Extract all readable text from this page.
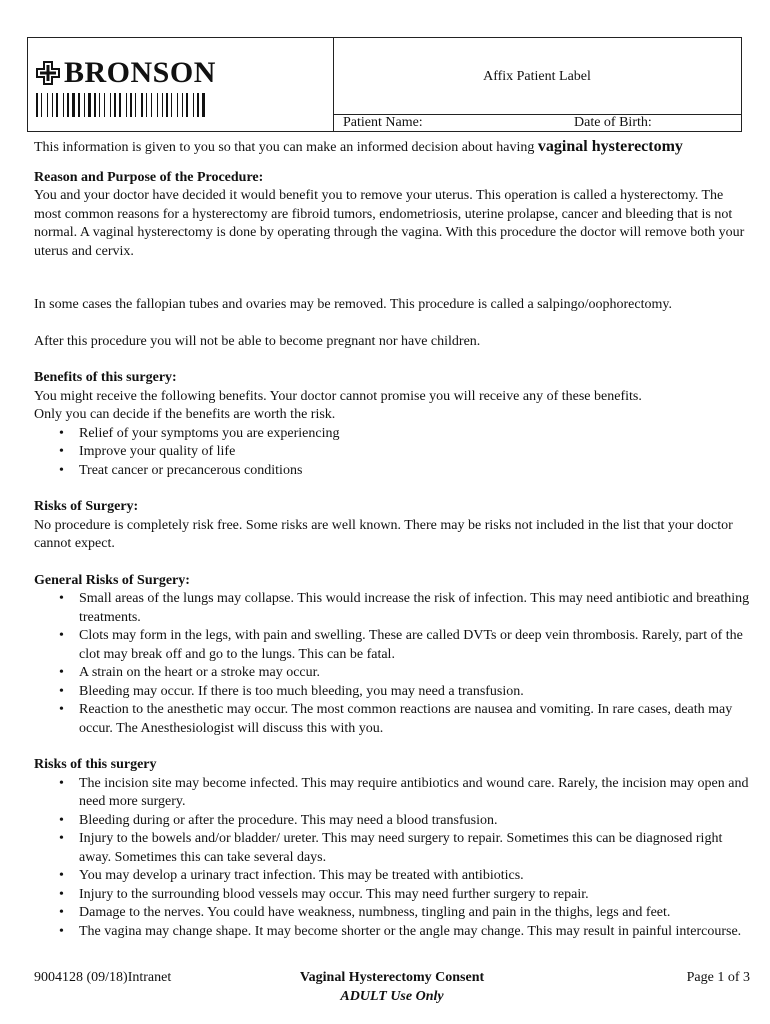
BRONSON	Affix Patient Label
Patient Name:	Date of Birth:

This information is given to you so that you can make an informed decision about having vaginal hysterectomy

Reason and Purpose of the Procedure:

You and your doctor have decided it would benefit you to remove your uterus. This operation is called a hysterectomy. The most common reasons for a hysterectomy are fibroid tumors, endometriosis, uterine prolapse, cancer and bleeding that is not normal. A vaginal hysterectomy is done by operating through the vagina. With this procedure the doctor will remove both your uterus and cervix.

In some cases the fallopian tubes and ovaries may be removed. This procedure is called a salpingo/oophorectomy.

After this procedure you will not be able to become pregnant nor have children.

Benefits of this surgery:

You might receive the following benefits. Your doctor cannot promise you will receive any of these benefits.

Only you can decide if the benefits are worth the risk.

• Relief of your symptoms you are experiencing
• Improve your quality of life
• Treat cancer or precancerous conditions
Risks of Surgery:

No procedure is completely risk free. Some risks are well known. There may be risks not included in the list that your doctor cannot expect.

General Risks of Surgery:
• Small areas of the lungs may collapse. This would increase the risk of infection. This may need antibiotic and breathing treatments.
• Clots may form in the legs, with pain and swelling. These are called DVTs or deep vein thrombosis. Rarely, part of the clot may break off and go to the lungs. This can be fatal.
• A strain on the heart or a stroke may occur.
• Bleeding may occur. If there is too much bleeding, you may need a transfusion.
• Reaction to the anesthetic may occur. The most common reactions are nausea and vomiting. In rare cases, death may occur. The Anesthesiologist will discuss this with you.
Risks of this surgery
• The incision site may become infected. This may require antibiotics and wound care. Rarely, the incision may open and need more surgery.
• Bleeding during or after the procedure. This may need a blood transfusion.
• Injury to the bowels and/or bladder/ ureter. This may need surgery to repair. Sometimes this can be diagnosed right away. Sometimes this can take several days.
• You may develop a urinary tract infection. This may be treated with antibiotics.
• Injury to the surrounding blood vessels may occur. This may need further surgery to repair.
• Damage to the nerves. You could have weakness, numbness, tingling and pain in the thighs, legs and feet.
• The vagina may change shape. It may become shorter or the angle may change. This may result in painful intercourse.
9004128 (09/18)Intranet	Vaginal Hysterectomy Consent
ADULT Use Only
Page 1 of 3
